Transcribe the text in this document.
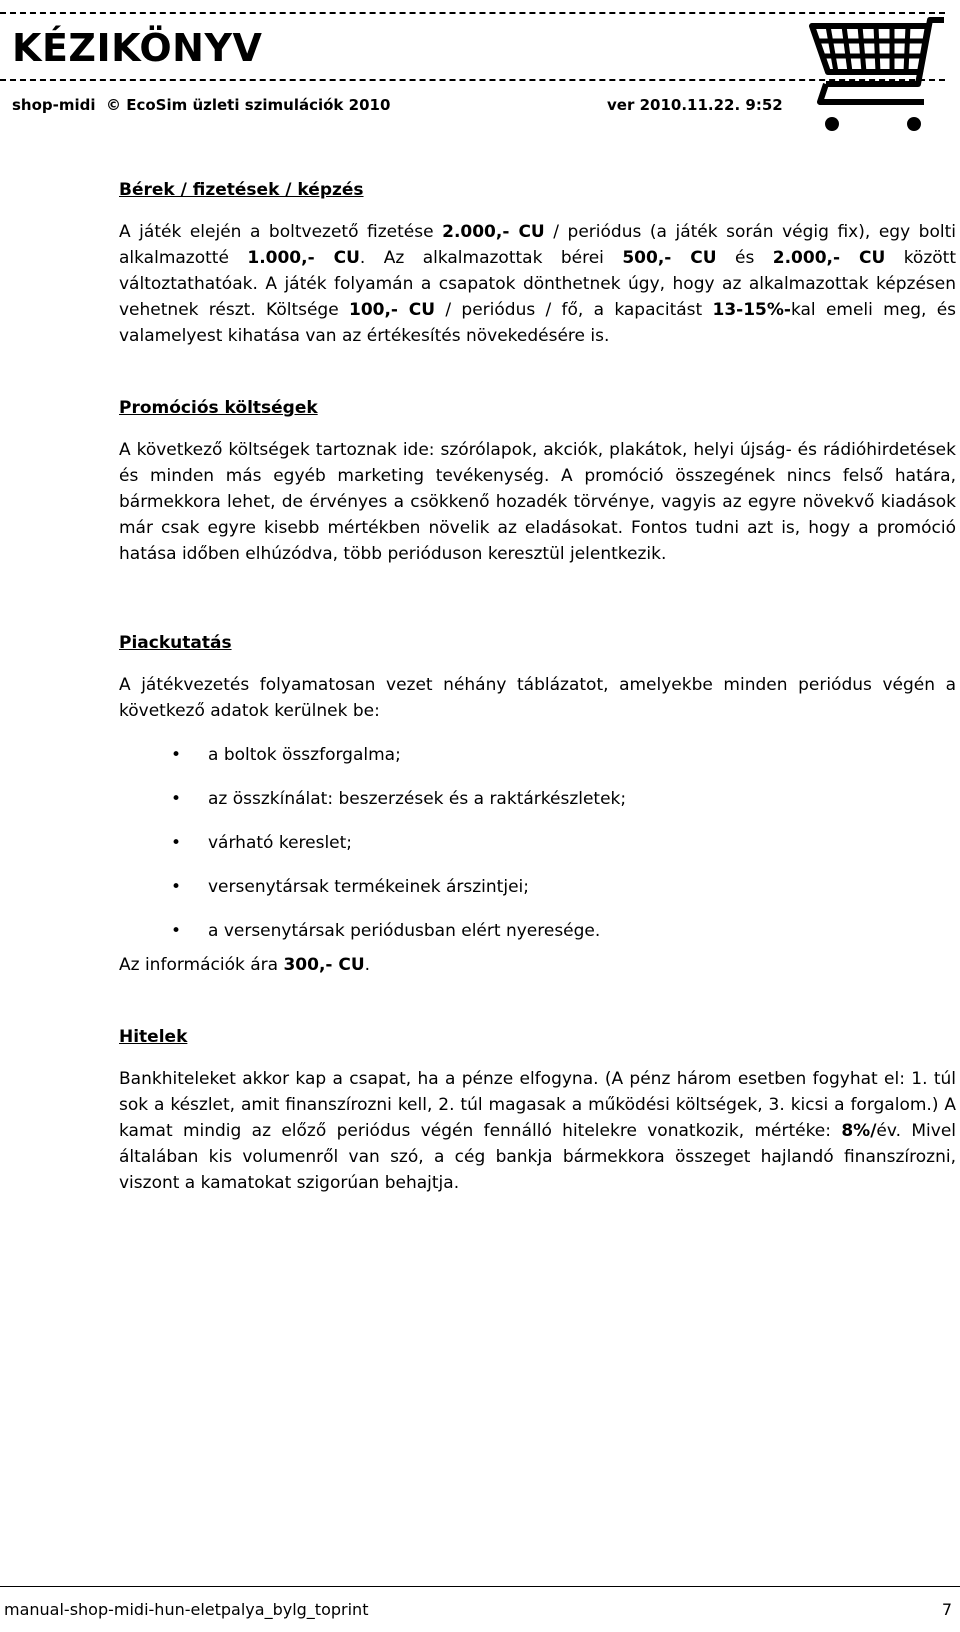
KÉZIKÖNYV
shop-midi © EcoSim üzleti szimulációk 2010	ver 2010.11.22. 9:52
Bérek / fizetések / képzés

A játék elején a boltvezető fizetése 2.000,- CU / periódus (a játék során végig fix), egy bolti alkalmazotté 1.000,- CU. Az alkalmazottak bérei 500,- CU és 2.000,- CU között változtathatóak. A játék folyamán a csapatok dönthetnek úgy, hogy az alkalmazottak képzésen vehetnek részt. Költsége 100,- CU / periódus / fő, a kapacitást 13-15%-kal emeli meg, és valamelyest kihatása van az értékesítés növekedésére is.

Promóciós költségek

A következő költségek tartoznak ide: szórólapok, akciók, plakátok, helyi újság- és rádióhirdetések és minden más egyéb marketing tevékenység. A promóció összegének nincs felső határa, bármekkora lehet, de érvényes a csökkenő hozadék törvénye, vagyis az egyre növekvő kiadások már csak egyre kisebb mértékben növelik az eladásokat. Fontos tudni azt is, hogy a promóció hatása időben elhúzódva, több perióduson keresztül jelentkezik.

Piackutatás

A játékvezetés folyamatosan vezet néhány táblázatot, amelyekbe minden periódus végén a következő adatok kerülnek be:

• a boltok összforgalma;
• az összkínálat: beszerzések és a raktárkészletek;
• várható kereslet;
• versenytársak termékeinek árszintjei;
• a versenytársak periódusban elért nyeresége.

Az információk ára 300,- CU.

Hitelek

Bankhiteleket akkor kap a csapat, ha a pénze elfogyna. (A pénz három esetben fogyhat el: 1. túl sok a készlet, amit finanszírozni kell, 2. túl magasak a működési költségek, 3. kicsi a forgalom.) A kamat mindig az előző periódus végén fennálló hitelekre vonatkozik, mértéke: 8%/év. Mivel általában kis volumenről van szó, a cég bankja bármekkora összeget hajlandó finanszírozni, viszont a kamatokat szigorúan behajtja.

manual-shop-midi-hun-eletpalya_bylg_toprint	7
